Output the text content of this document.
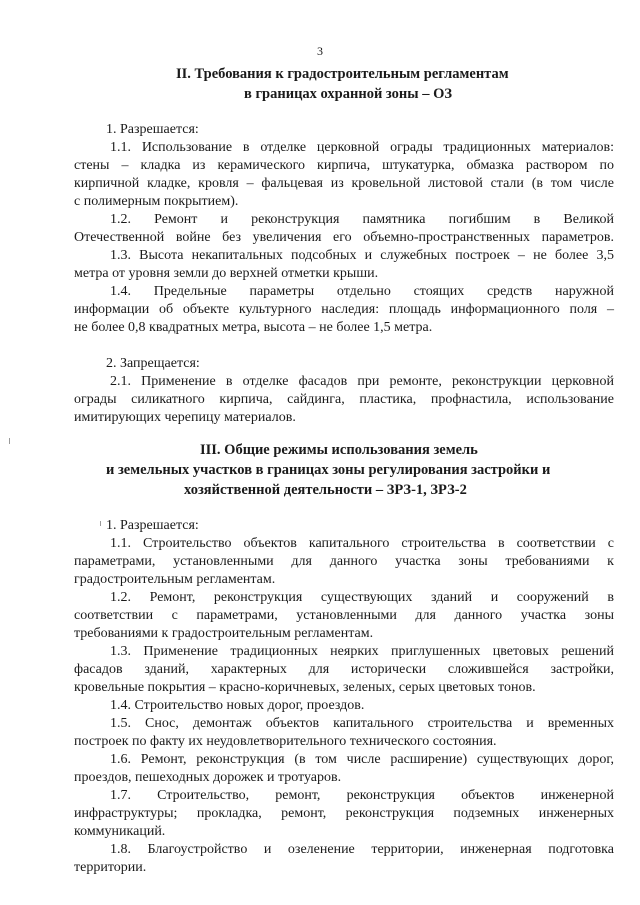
3
II. Требования к градостроительным регламентам
в границах охранной зоны – ОЗ
1. Разрешается:
1.1. Использование в отделке церковной ограды традиционных материалов:
стены – кладка из керамического кирпича, штукатурка, обмазка раствором по
кирпичной кладке, кровля – фальцевая из кровельной листовой стали (в том числе
с полимерным покрытием).
1.2. Ремонт и реконструкция памятника погибшим в Великой
Отечественной войне без увеличения его объемно-пространственных параметров.
1.3. Высота некапитальных подсобных и служебных построек – не более 3,5
метра от уровня земли до верхней отметки крыши.
1.4. Предельные параметры отдельно стоящих средств наружной
информации об объекте культурного наследия: площадь информационного поля –
не более 0,8 квадратных метра, высота – не более 1,5 метра.
2. Запрещается:
2.1. Применение в отделке фасадов при ремонте, реконструкции церковной
ограды силикатного кирпича, сайдинга, пластика, профнастила, использование
имитирующих черепицу материалов.
III. Общие режимы использования земель
и земельных участков в границах зоны регулирования застройки и
хозяйственной деятельности – ЗРЗ-1, ЗРЗ-2
1. Разрешается:
1.1. Строительство объектов капитального строительства в соответствии с
параметрами, установленными для данного участка зоны требованиями к
градостроительным регламентам.
1.2. Ремонт, реконструкция существующих зданий и сооружений в
соответствии с параметрами, установленными для данного участка зоны
требованиями к градостроительным регламентам.
1.3. Применение традиционных неярких приглушенных цветовых решений
фасадов зданий, характерных для исторически сложившейся застройки,
кровельные покрытия – красно-коричневых, зеленых, серых цветовых тонов.
1.4. Строительство новых дорог, проездов.
1.5. Снос, демонтаж объектов капитального строительства и временных
построек по факту их неудовлетворительного технического состояния.
1.6. Ремонт, реконструкция (в том числе расширение) существующих дорог,
проездов, пешеходных дорожек и тротуаров.
1.7. Строительство, ремонт, реконструкция объектов инженерной
инфраструктуры; прокладка, ремонт, реконструкция подземных инженерных
коммуникаций.
1.8. Благоустройство и озеленение территории, инженерная подготовка
территории.
